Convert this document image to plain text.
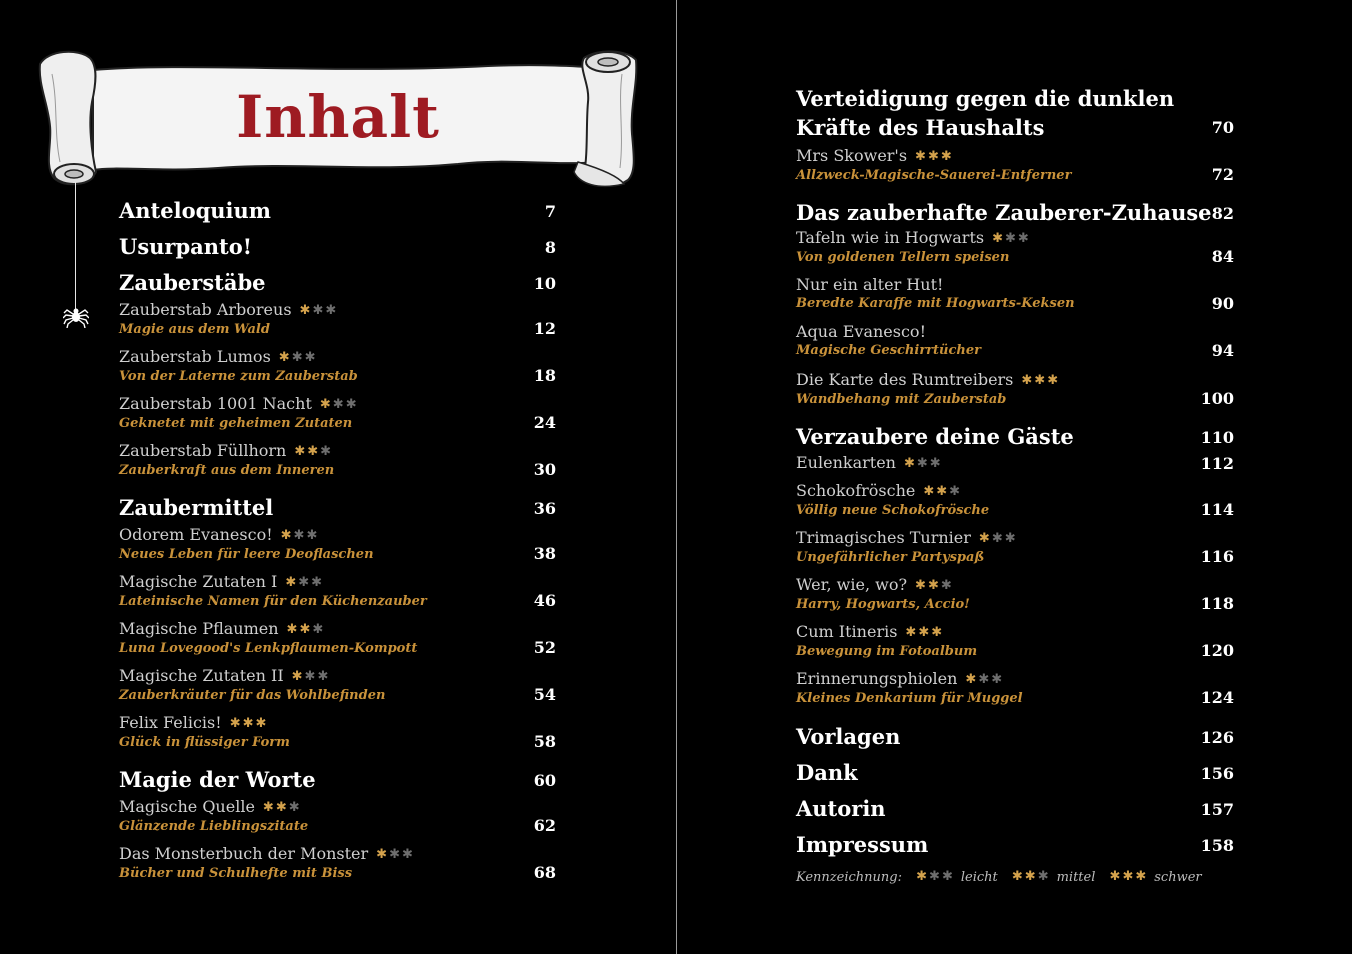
Inhalt
Anteloquium	7
Usurpanto!	8
Zauberstäbe	10
Zauberstab Arboreus ✱✱✱
Magie aus dem Wald	12
Zauberstab Lumos ✱✱✱
Von der Laterne zum Zauberstab	18
Zauberstab 1001 Nacht ✱✱✱
Geknetet mit geheimen Zutaten	24
Zauberstab Füllhorn ✱✱✱
Zauberkraft aus dem Inneren	30
Zaubermittel	36
Odorem Evanesco! ✱✱✱
Neues Leben für leere Deoflaschen	38
Magische Zutaten I ✱✱✱
Lateinische Namen für den Küchenzauber	46
Magische Pflaumen ✱✱✱
Luna Lovegood's Lenkpflaumen-Kompott	52
Magische Zutaten II ✱✱✱
Zauberkräuter für das Wohlbefinden	54
Felix Felicis! ✱✱✱
Glück in flüssiger Form	58
Magie der Worte	60
Magische Quelle ✱✱✱
Glänzende Lieblingszitate	62
Das Monsterbuch der Monster ✱✱✱
Bücher und Schulhefte mit Biss	68
Verteidigung gegen die dunklen
Kräfte des Haushalts	70
Mrs Skower's ✱✱✱
Allzweck-Magische-Sauerei-Entferner	72
Das zauberhafte Zauberer-Zuhause 82
Tafeln wie in Hogwarts ✱✱✱
Von goldenen Tellern speisen	84
Nur ein alter Hut!
Beredte Karaffe mit Hogwarts-Keksen	90
Aqua Evanesco!
Magische Geschirrtücher	94
Die Karte des Rumtreibers ✱✱✱
Wandbehang mit Zauberstab	100
Verzaubere deine Gäste	110
Eulenkarten ✱✱✱	112
Schokofrösche ✱✱✱
Völlig neue Schokofrösche	114
Trimagisches Turnier ✱✱✱
Ungefährlicher Partyspaß	116
Wer, wie, wo? ✱✱✱
Harry, Hogwarts, Accio!	118
Cum Itineris ✱✱✱
Bewegung im Fotoalbum	120
Erinnerungsphiolen ✱✱✱
Kleines Denkarium für Muggel	124
Vorlagen	126
Dank	156
Autorin	157
Impressum	158
Kennzeichnung: ✱✱✱ leicht ✱✱✱ mittel ✱✱✱ schwer
